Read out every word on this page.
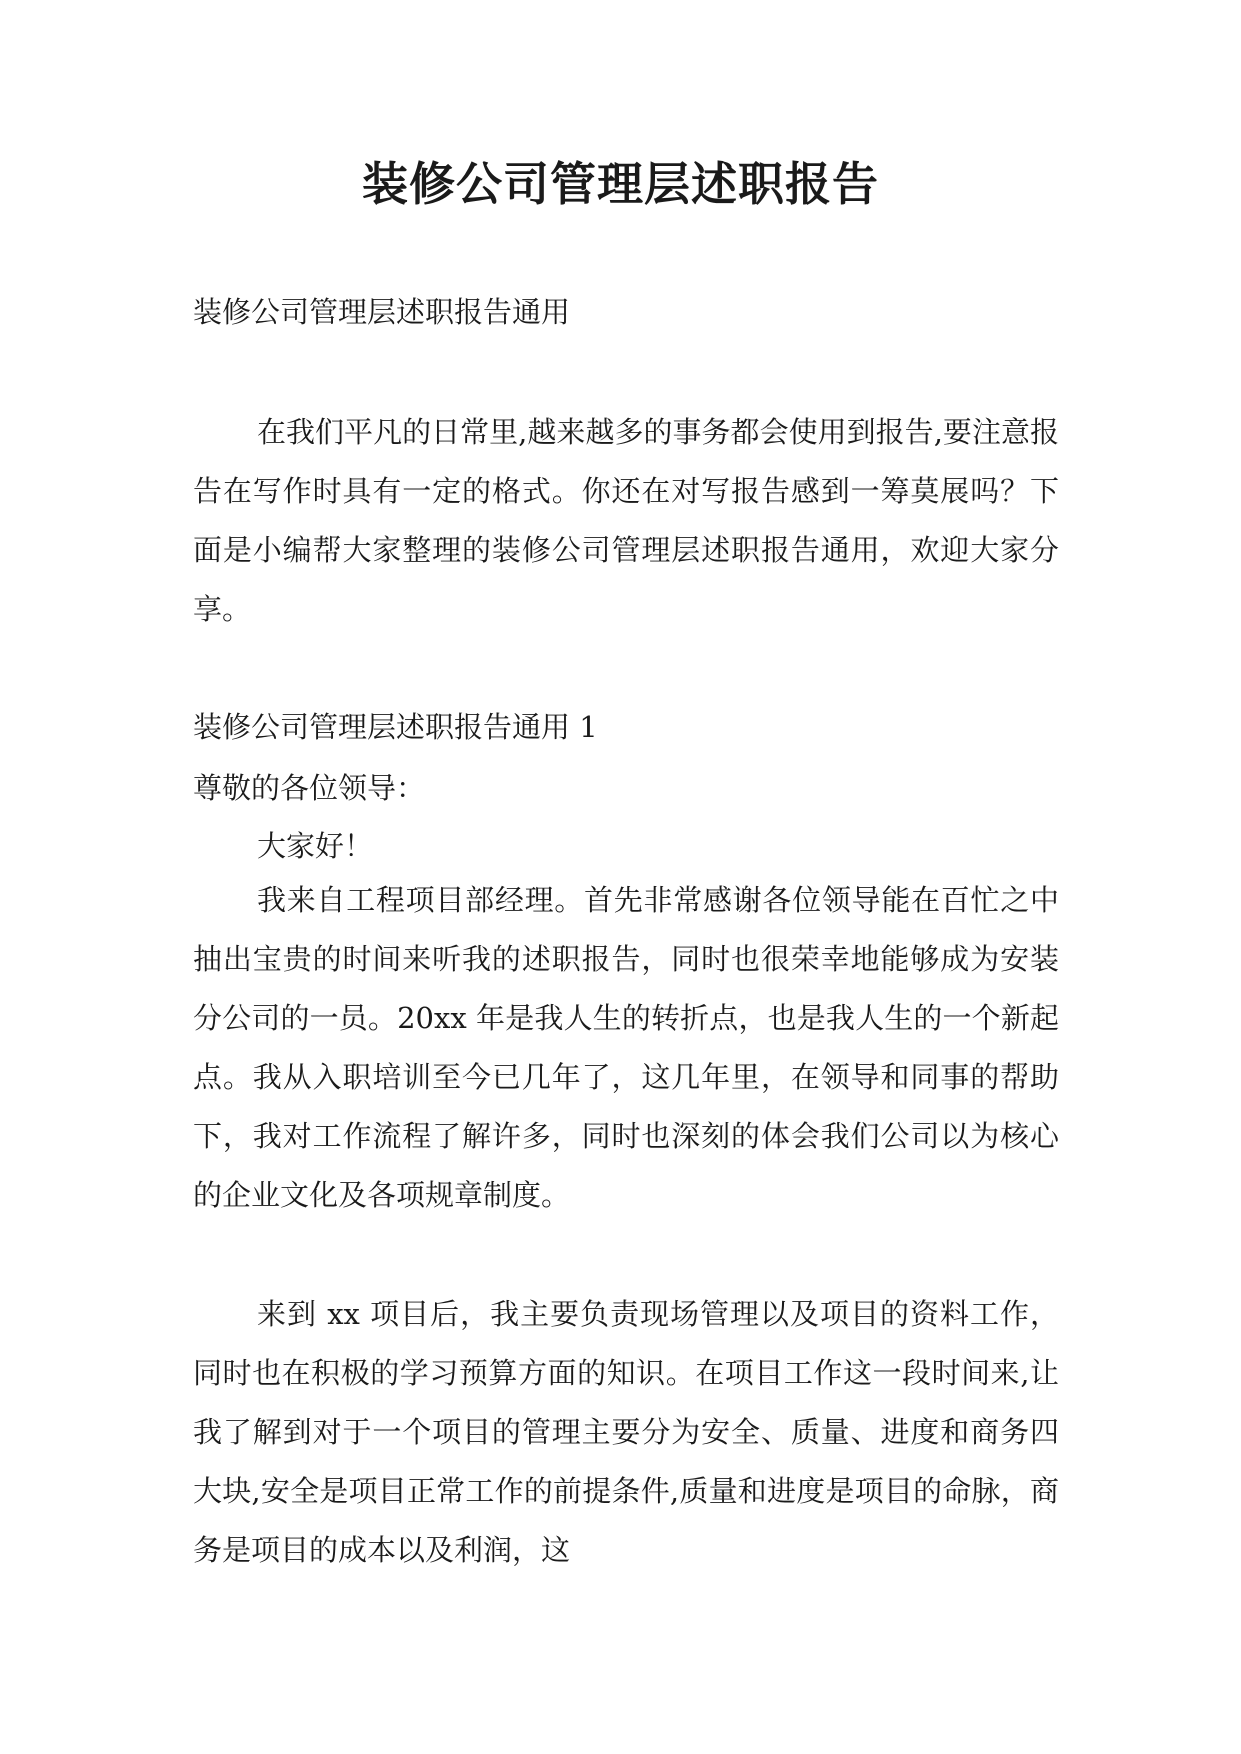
装修公司管理层述职报告
装修公司管理层述职报告通用
在我们平凡的日常里,越来越多的事务都会使用到报告,要注意报告在写作时具有一定的格式。你还在对写报告感到一筹莫展吗？下面是小编帮大家整理的装修公司管理层述职报告通用，欢迎大家分享。
装修公司管理层述职报告通用 1
尊敬的各位领导：
大家好！
我来自工程项目部经理。首先非常感谢各位领导能在百忙之中抽出宝贵的时间来听我的述职报告，同时也很荣幸地能够成为安装分公司的一员。20xx 年是我人生的转折点，也是我人生的一个新起点。我从入职培训至今已几年了，这几年里，在领导和同事的帮助下，我对工作流程了解许多，同时也深刻的体会我们公司以为核心的企业文化及各项规章制度。
来到 xx 项目后，我主要负责现场管理以及项目的资料工作，同时也在积极的学习预算方面的知识。在项目工作这一段时间来,让我了解到对于一个项目的管理主要分为安全、质量、进度和商务四大块,安全是项目正常工作的前提条件,质量和进度是项目的命脉，商务是项目的成本以及利润，这
